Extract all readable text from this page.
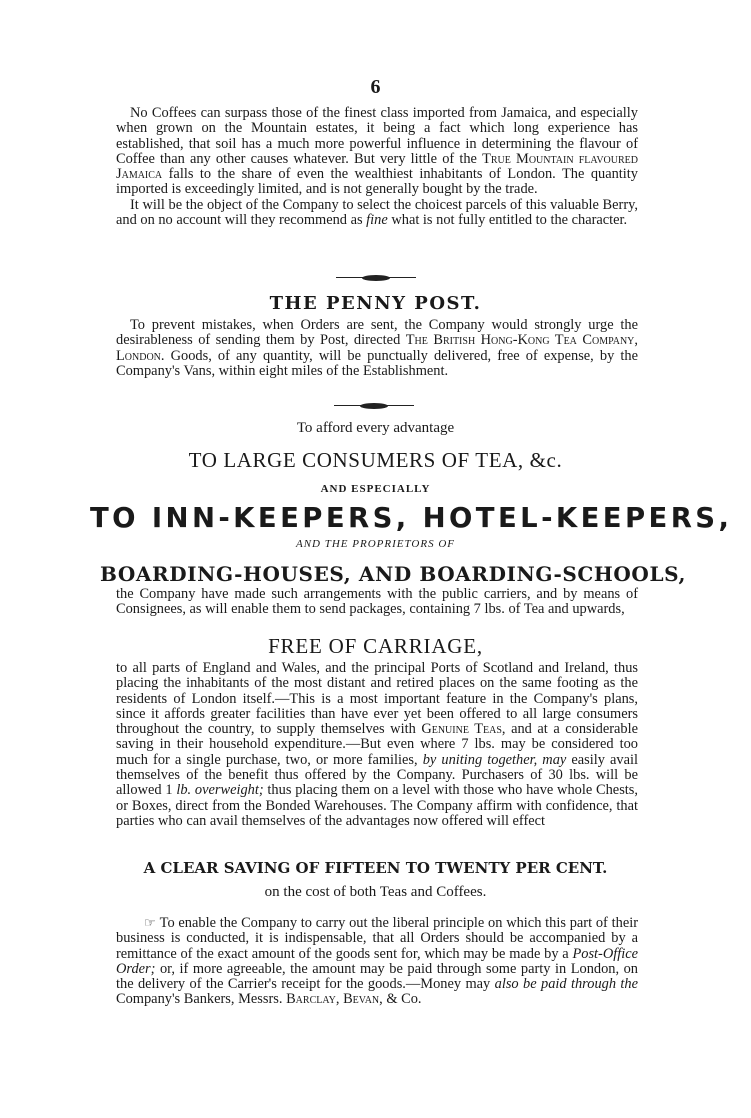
6

No Coffees can surpass those of the finest class imported from Jamaica, and especially when grown on the Mountain estates, it being a fact which long experience has established, that soil has a much more powerful influence in determining the flavour of Coffee than any other causes whatever. But very little of the True Mountain flavoured Jamaica falls to the share of even the wealthiest inhabitants of London. The quantity imported is exceedingly limited, and is not generally bought by the trade.

It will be the object of the Company to select the choicest parcels of this valuable Berry, and on no account will they recommend as fine what is not fully entitled to the character.

THE PENNY POST.

To prevent mistakes, when Orders are sent, the Company would strongly urge the desirableness of sending them by Post, directed The British Hong-Kong Tea Company, London. Goods, of any quantity, will be punctually delivered, free of expense, by the Company's Vans, within eight miles of the Establishment.

To afford every advantage
TO LARGE CONSUMERS OF TEA, &c.
AND ESPECIALLY
TO INN-KEEPERS, HOTEL-KEEPERS,
AND THE PROPRIETORS OF
BOARDING-HOUSES, AND BOARDING-SCHOOLS,

the Company have made such arrangements with the public carriers, and by means of Consignees, as will enable them to send packages, containing 7 lbs. of Tea and upwards,

FREE OF CARRIAGE,

to all parts of England and Wales, and the principal Ports of Scotland and Ireland, thus placing the inhabitants of the most distant and retired places on the same footing as the residents of London itself.—This is a most important feature in the Company's plans, since it affords greater facilities than have ever yet been offered to all large consumers throughout the country, to supply themselves with Genuine Teas, and at a considerable saving in their household expenditure.—But even where 7 lbs. may be considered too much for a single purchase, two, or more families, by uniting together, may easily avail themselves of the benefit thus offered by the Company. Purchasers of 30 lbs. will be allowed 1 lb. overweight; thus placing them on a level with those who have whole Chests, or Boxes, direct from the Bonded Warehouses. The Company affirm with confidence, that parties who can avail themselves of the advantages now offered will effect

A CLEAR SAVING OF FIFTEEN TO TWENTY PER CENT.
on the cost of both Teas and Coffees.

☞ To enable the Company to carry out the liberal principle on which this part of their business is conducted, it is indispensable, that all Orders should be accompanied by a remittance of the exact amount of the goods sent for, which may be made by a Post-Office Order; or, if more agreeable, the amount may be paid through some party in London, on the delivery of the Carrier's receipt for the goods.—Money may also be paid through the Company's Bankers, Messrs. Barclay, Bevan, & Co.
